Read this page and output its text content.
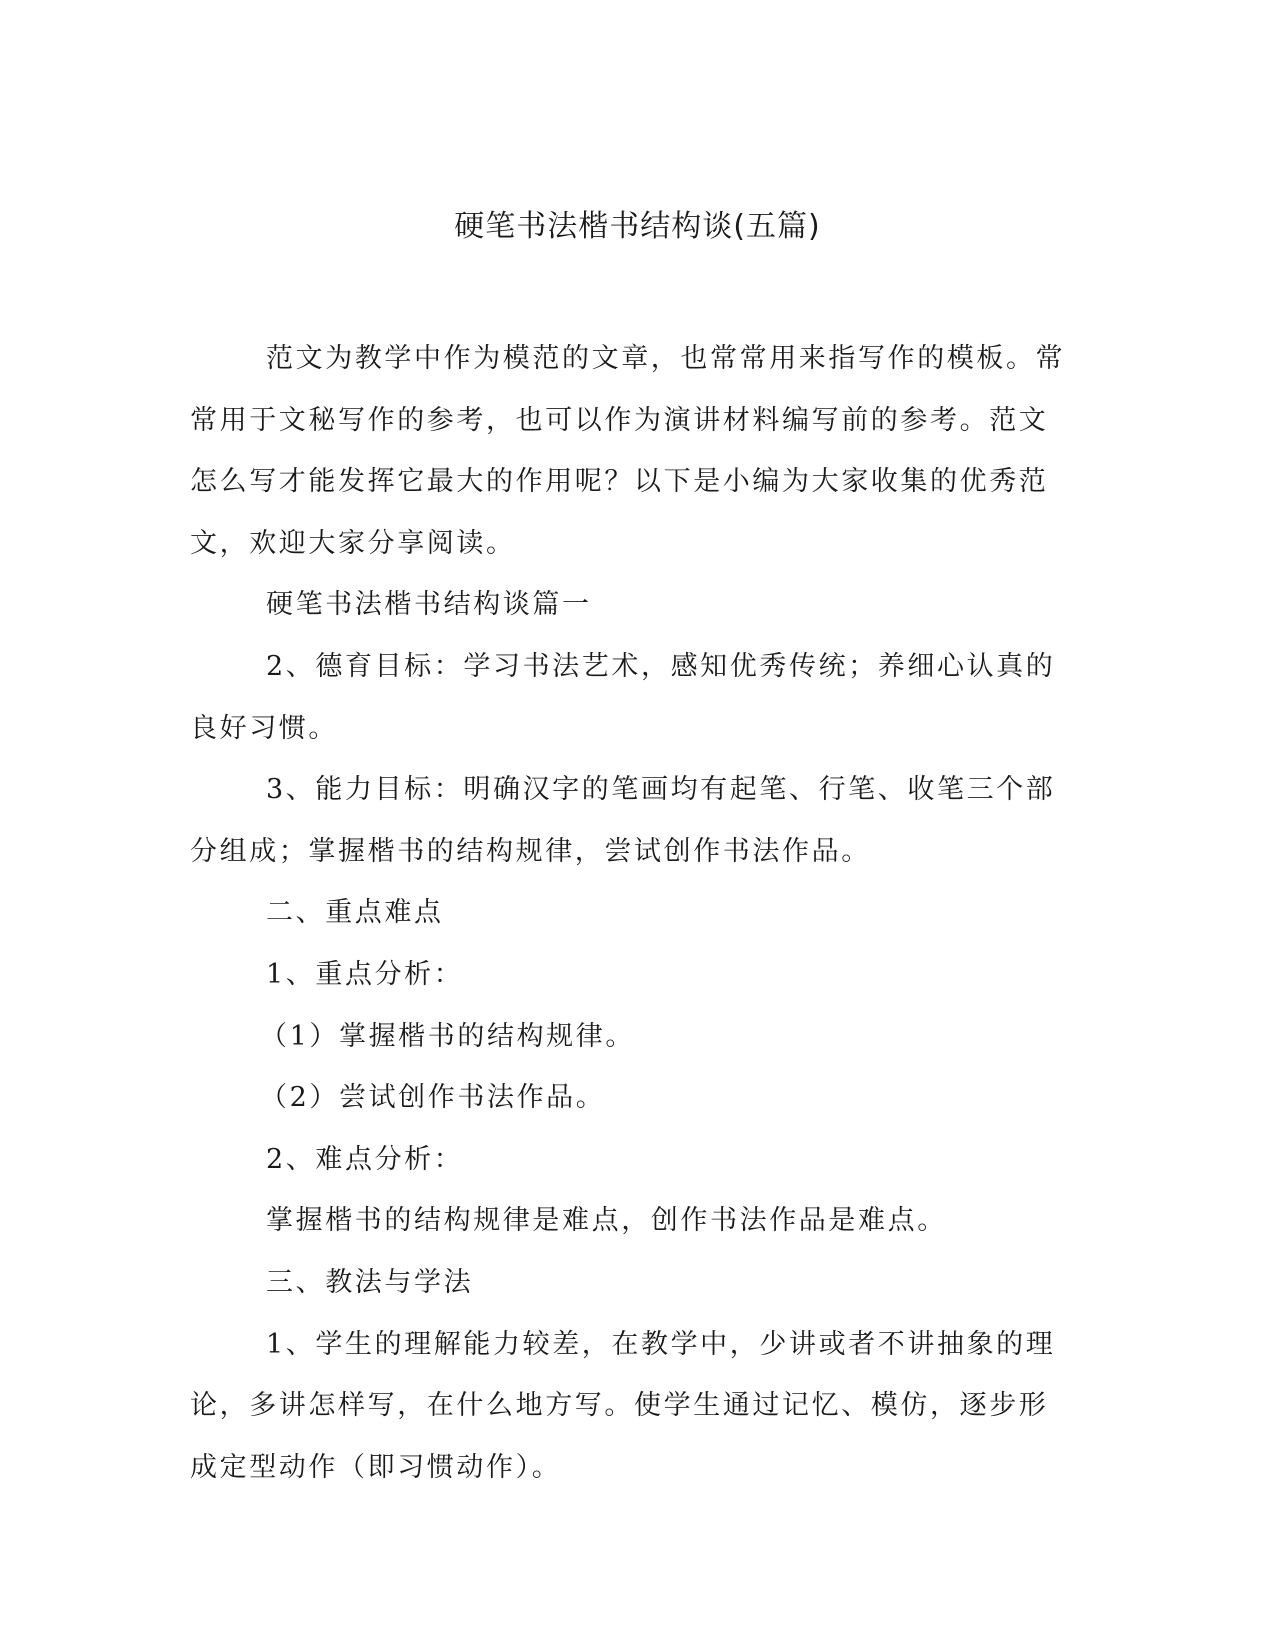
硬笔书法楷书结构谈(五篇)

范文为教学中作为模范的文章，也常常用来指写作的模板。常常用于文秘写作的参考，也可以作为演讲材料编写前的参考。范文怎么写才能发挥它最大的作用呢？以下是小编为大家收集的优秀范文，欢迎大家分享阅读。

硬笔书法楷书结构谈篇一

2、德育目标：学习书法艺术，感知优秀传统；养细心认真的良好习惯。

3、能力目标：明确汉字的笔画均有起笔、行笔、收笔三个部分组成；掌握楷书的结构规律，尝试创作书法作品。

二、重点难点

1、重点分析：

（1）掌握楷书的结构规律。

（2）尝试创作书法作品。

2、难点分析：

掌握楷书的结构规律是难点，创作书法作品是难点。

三、教法与学法

1、学生的理解能力较差，在教学中，少讲或者不讲抽象的理论，多讲怎样写，在什么地方写。使学生通过记忆、模仿，逐步形成定型动作（即习惯动作）。
